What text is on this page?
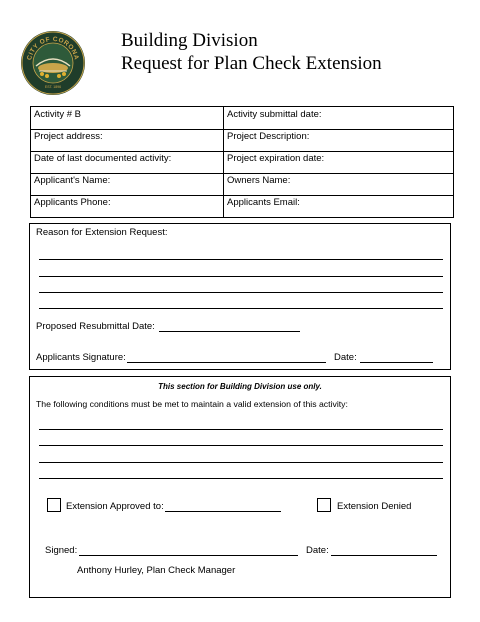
CITY OF CORONA
EST. 1896
Building Division
Request for Plan Check Extension
Activity # B	Activity submittal date:
Project address:	Project Description:
Date of last documented activity:	Project expiration date:
Applicant's Name:	Owners Name:
Applicants Phone:	Applicants Email:
Reason for Extension Request:
Proposed Resubmittal Date:
Applicants Signature:	Date:
This section for Building Division use only.
The following conditions must be met to maintain a valid extension of this activity:
Extension Approved to:	Extension Denied
Signed:	Date:
Anthony Hurley, Plan Check Manager
